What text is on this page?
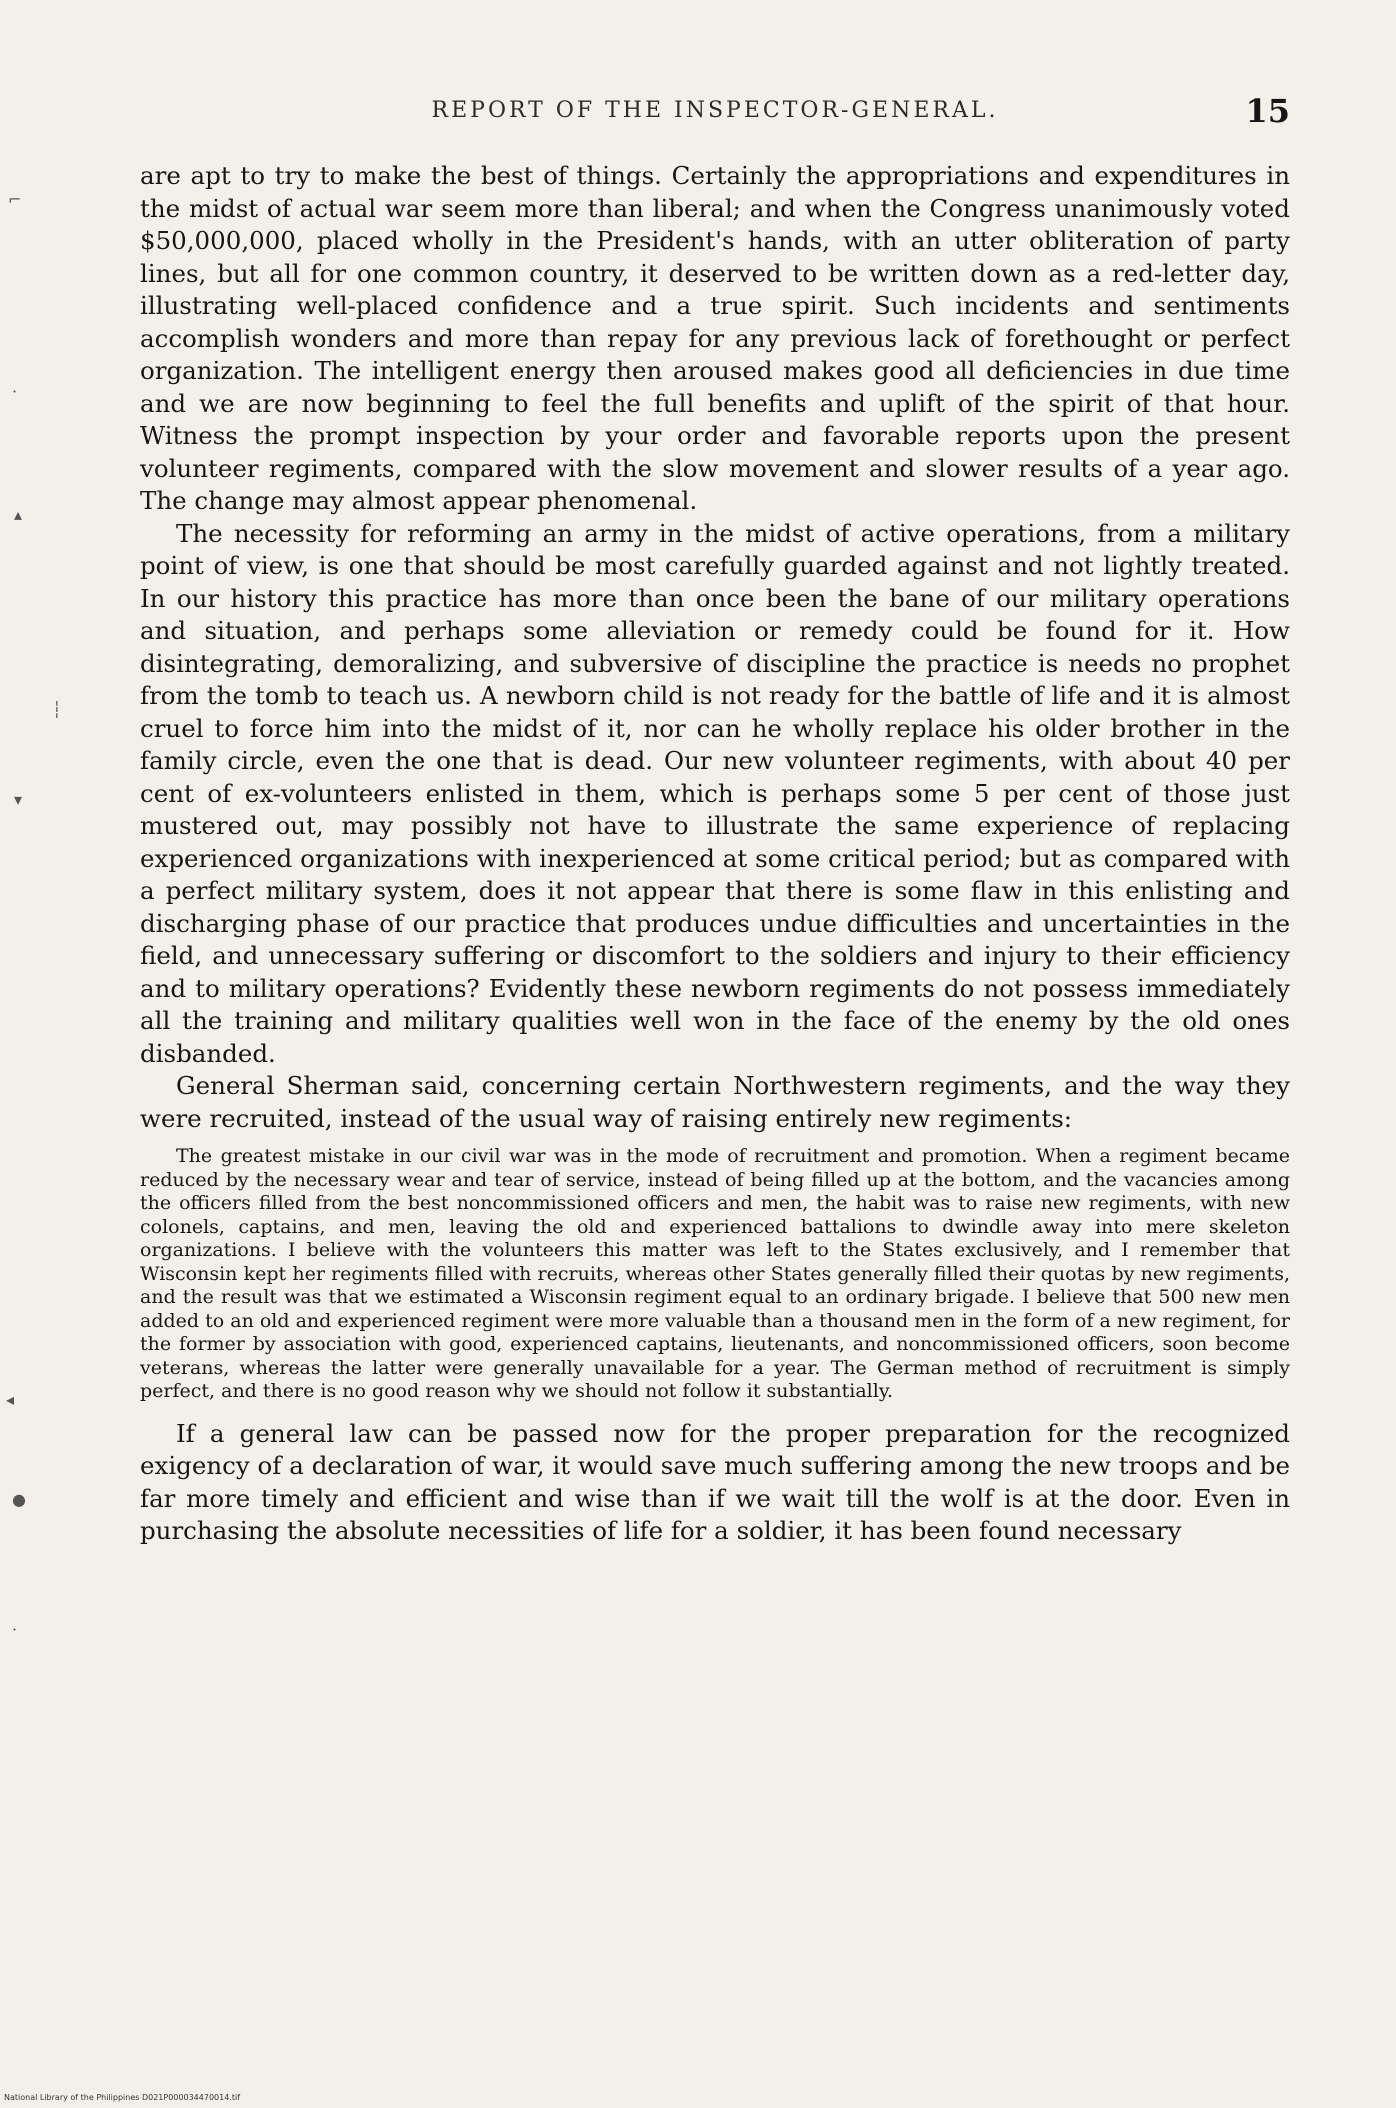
REPORT OF THE INSPECTOR-GENERAL.	15

are apt to try to make the best of things. Certainly the appropriations and expenditures in the midst of actual war seem more than liberal; and when the Congress unanimously voted $50,000,000, placed wholly in the President's hands, with an utter obliteration of party lines, but all for one common country, it deserved to be written down as a red-letter day, illustrating well-placed confidence and a true spirit. Such incidents and sentiments accomplish wonders and more than repay for any previous lack of forethought or perfect organization. The intelligent energy then aroused makes good all deficiencies in due time and we are now beginning to feel the full benefits and uplift of the spirit of that hour. Witness the prompt inspection by your order and favorable reports upon the present volunteer regiments, compared with the slow movement and slower results of a year ago. The change may almost appear phenomenal.

The necessity for reforming an army in the midst of active operations, from a military point of view, is one that should be most carefully guarded against and not lightly treated. In our history this practice has more than once been the bane of our military operations and situation, and perhaps some alleviation or remedy could be found for it. How disintegrating, demoralizing, and subversive of discipline the practice is needs no prophet from the tomb to teach us. A newborn child is not ready for the battle of life and it is almost cruel to force him into the midst of it, nor can he wholly replace his older brother in the family circle, even the one that is dead. Our new volunteer regiments, with about 40 per cent of ex-volunteers enlisted in them, which is perhaps some 5 per cent of those just mustered out, may possibly not have to illustrate the same experience of replacing experienced organizations with inexperienced at some critical period; but as compared with a perfect military system, does it not appear that there is some flaw in this enlisting and discharging phase of our practice that produces undue difficulties and uncertainties in the field, and unnecessary suffering or discomfort to the soldiers and injury to their efficiency and to military operations? Evidently these newborn regiments do not possess immediately all the training and military qualities well won in the face of the enemy by the old ones disbanded.

General Sherman said, concerning certain Northwestern regiments, and the way they were recruited, instead of the usual way of raising entirely new regiments:

The greatest mistake in our civil war was in the mode of recruitment and promotion. When a regiment became reduced by the necessary wear and tear of service, instead of being filled up at the bottom, and the vacancies among the officers filled from the best noncommissioned officers and men, the habit was to raise new regiments, with new colonels, captains, and men, leaving the old and experienced battalions to dwindle away into mere skeleton organizations. I believe with the volunteers this matter was left to the States exclusively, and I remember that Wisconsin kept her regiments filled with recruits, whereas other States generally filled their quotas by new regiments, and the result was that we estimated a Wisconsin regiment equal to an ordinary brigade. I believe that 500 new men added to an old and experienced regiment were more valuable than a thousand men in the form of a new regiment, for the former by association with good, experienced captains, lieutenants, and noncommissioned officers, soon become veterans, whereas the latter were generally unavailable for a year. The German method of recruitment is simply perfect, and there is no good reason why we should not follow it substantially.

If a general law can be passed now for the proper preparation for the recognized exigency of a declaration of war, it would save much suffering among the new troops and be far more timely and efficient and wise than if we wait till the wolf is at the door. Even in purchasing the absolute necessities of life for a soldier, it has been found necessary

⌐
·
▴
┆
▾
◂
●
·
National Library of the Philippines D021P000034470014.tif
